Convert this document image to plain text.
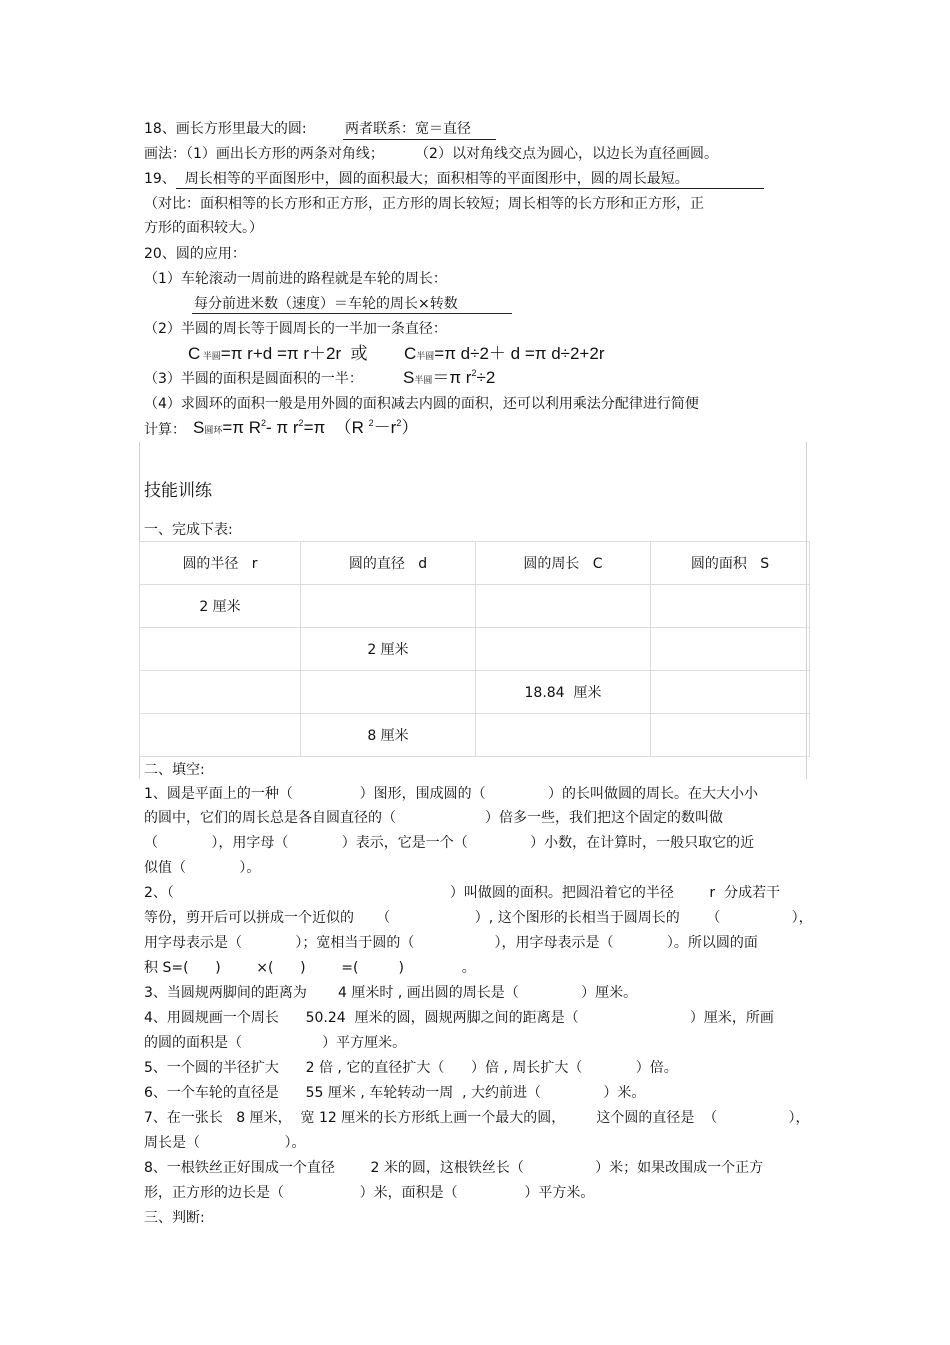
18、画长方形里最大的圆:	两者联系：宽＝直径
画法：（1）画出长方形的两条对角线；       （2）以对角线交点为圆心，以边长为直径画圆。
19、  周长相等的平面图形中，圆的面积最大；面积相等的平面图形中，圆的周长最短。
（对比：面积相等的长方形和正方形，正方形的周长较短；周长相等的长方形和正方形，正
方形的面积较大。）
20、圆的应用：
（1）车轮滚动一周前进的路程就是车轮的周长：
每分前进米数（速度）＝车轮的周长×转数
（2）半圆的周长等于圆周长的一半加一条直径：
C 半圆=π r+d =π r＋2r  或 C半圆=π d÷2＋ d =π d÷2+2r
（3）半圆的面积是圆面积的一半： S半圆＝π $r^2\div 2$
（4）求圆环的面积一般是用外圆的面积减去内圆的面积，还可以利用乘法分配律进行简便
计算： S圆环=π $R^2-$ π $r^2=\pi$  （R $^2-r^2$）
技能训练
一、完成下表:
圆的半径   r	圆的直径   d	圆的周长   C	圆的面积   S
2 厘米			
	2 厘米		
		18.84  厘米	
	8 厘米		
二、填空:
1、圆是平面上的一种（               ）图形，围成圆的（              ）的长叫做圆的周长。在大大小小
的圆中，它们的周长总是各自圆直径的（                    ）倍多一些，我们把这个固定的数叫做
（            ），用字母（            ）表示，它是一个（              ）小数，在计算时，一般只取它的近
似值（            ）。
2、（                                                              ）叫做圆的面积。把圆沿着它的半径        r  分成若干
等份，剪开后可以拼成一个近似的     （                   ）, 这个图形的长相当于圆周长的      （                ），
用字母表示是（            ）；宽相当于圆的（                  ），用字母表示是（            ）。所以圆的面
积 S=(      )        ×(      )        =(         )             。
3、当圆规两脚间的距离为       4 厘米时 , 画出圆的周长是（              ）厘米。
4、用圆规画一个周长      50.24  厘米的圆，圆规两脚之间的距离是（                         ）厘米，所画
的圆的面积是（                  ）平方厘米。
5、一个圆的半径扩大      2 倍 , 它的直径扩大（      ）倍 , 周长扩大（            ）倍。
6、一个车轮的直径是      55 厘米 , 车轮转动一周  , 大约前进（              ）米。
7、在一张长   8 厘米，  宽 12 厘米的长方形纸上画一个最大的圆，       这个圆的直径是  （                ），
周长是（                   ）。
8、一根铁丝正好围成一个直径        2 米的圆，这根铁丝长（                ）米；如果改围成一个正方
形，正方形的边长是（                 ）米，面积是（               ）平方米。
三、判断:
